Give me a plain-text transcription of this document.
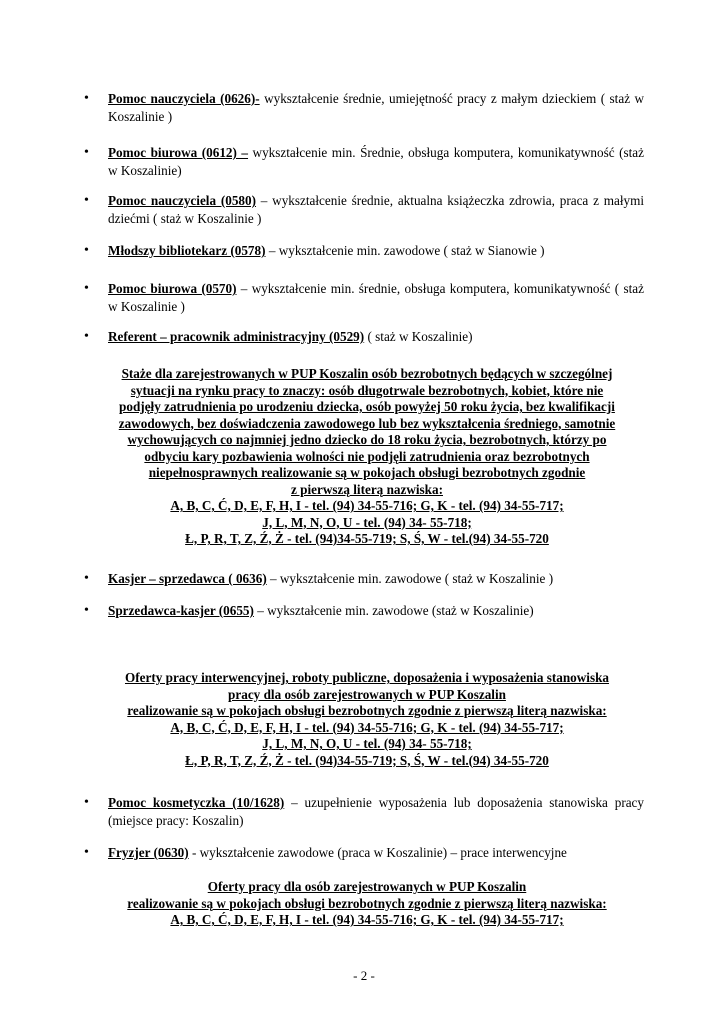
•	Pomoc nauczyciela (0626)- wykształcenie średnie, umiejętność pracy z małym dzieckiem ( staż w Koszalinie )
•	Pomoc biurowa (0612) – wykształcenie min. Średnie, obsługa komputera, komunikatywność (staż w Koszalinie)
•	Pomoc nauczyciela (0580) – wykształcenie średnie, aktualna książeczka zdrowia, praca z małymi dziećmi ( staż w Koszalinie )
•	Młodszy bibliotekarz (0578) – wykształcenie min. zawodowe ( staż w Sianowie )
•	Pomoc biurowa (0570) – wykształcenie min. średnie, obsługa komputera, komunikatywność ( staż w Koszalinie )
•	Referent – pracownik administracyjny (0529) ( staż w Koszalinie)
Staże dla zarejestrowanych w PUP Koszalin osób bezrobotnych będących w szczególnej
sytuacji na rynku pracy to znaczy: osób długotrwale bezrobotnych, kobiet, które nie
podjęły zatrudnienia po urodzeniu dziecka, osób powyżej 50 roku życia, bez kwalifikacji
zawodowych, bez doświadczenia zawodowego lub bez wykształcenia średniego, samotnie
wychowujących co najmniej jedno dziecko do 18 roku życia, bezrobotnych, którzy po
odbyciu kary pozbawienia wolności nie podjęli zatrudnienia oraz bezrobotnych
niepełnosprawnych realizowanie są w pokojach obsługi bezrobotnych zgodnie
z pierwszą literą nazwiska:
A, B, C, Ć, D, E, F, H, I - tel. (94) 34-55-716; G, K - tel. (94) 34-55-717;
J, L, M, N, O, U - tel. (94) 34- 55-718;
Ł, P, R, T, Z, Ź, Ż - tel. (94)34-55-719; S, Ś, W - tel.(94) 34-55-720
•	Kasjer – sprzedawca ( 0636) – wykształcenie min. zawodowe ( staż w Koszalinie )
•	Sprzedawca-kasjer (0655) – wykształcenie min. zawodowe (staż w Koszalinie)
Oferty pracy interwencyjnej, roboty publiczne, doposażenia i wyposażenia stanowiska
pracy dla osób zarejestrowanych w PUP Koszalin
realizowanie są w pokojach obsługi bezrobotnych zgodnie z pierwszą literą nazwiska:
A, B, C, Ć, D, E, F, H, I - tel. (94) 34-55-716; G, K - tel. (94) 34-55-717;
J, L, M, N, O, U - tel. (94) 34- 55-718;
Ł, P, R, T, Z, Ź, Ż - tel. (94)34-55-719; S, Ś, W - tel.(94) 34-55-720
•	Pomoc kosmetyczka (10/1628) – uzupełnienie wyposażenia lub doposażenia stanowiska pracy (miejsce pracy: Koszalin)
•	Fryzjer (0630) - wykształcenie zawodowe (praca w Koszalinie) – prace interwencyjne
Oferty pracy dla osób zarejestrowanych w PUP Koszalin
realizowanie są w pokojach obsługi bezrobotnych zgodnie z pierwszą literą nazwiska:
A, B, C, Ć, D, E, F, H, I - tel. (94) 34-55-716; G, K - tel. (94) 34-55-717;
- 2 -
